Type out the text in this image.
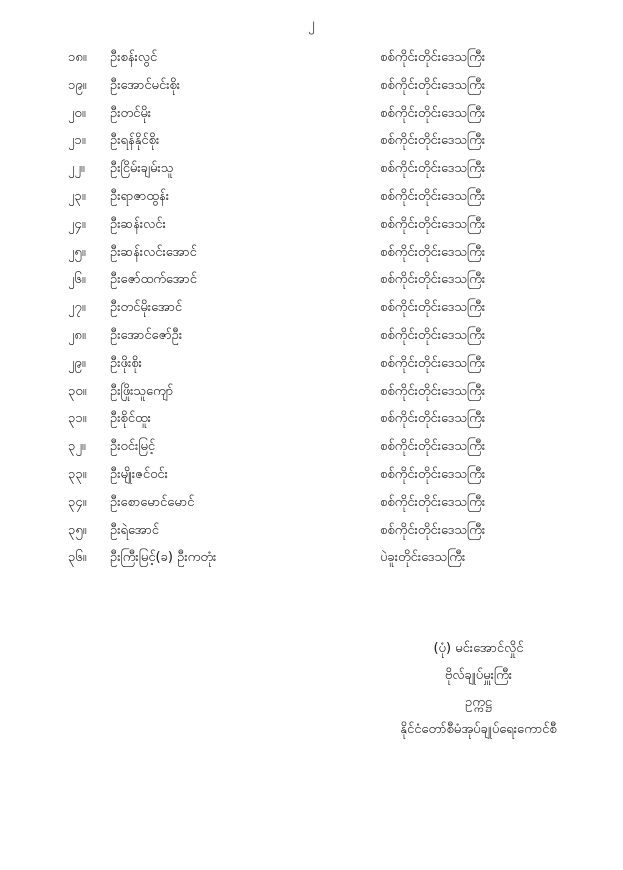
၂
၁၈။ ဦးစန်းလွင်	စစ်ကိုင်းတိုင်းဒေသကြီး
၁၉။ ဦးအောင်မင်းစိုး	စစ်ကိုင်းတိုင်းဒေသကြီး
၂၀။ ဦးတင်မိုး	စစ်ကိုင်းတိုင်းဒေသကြီး
၂၁။ ဦးရန်နိုင်စိုး	စစ်ကိုင်းတိုင်းဒေသကြီး
၂၂။ ဦးငြိမ်းချမ်းသူ	စစ်ကိုင်းတိုင်းဒေသကြီး
၂၃။ ဦးရာဇာထွန်း	စစ်ကိုင်းတိုင်းဒေသကြီး
၂၄။ ဦးဆန်းလင်း	စစ်ကိုင်းတိုင်းဒေသကြီး
၂၅။ ဦးဆန်းလင်းအောင်	စစ်ကိုင်းတိုင်းဒေသကြီး
၂၆။ ဦးဇော်ထက်အောင်	စစ်ကိုင်းတိုင်းဒေသကြီး
၂၇။ ဦးတင်မိုးအောင်	စစ်ကိုင်းတိုင်းဒေသကြီး
၂၈။ ဦးအောင်ဇော်ဦး	စစ်ကိုင်းတိုင်းဒေသကြီး
၂၉။ ဦးဖိုးစိုး	စစ်ကိုင်းတိုင်းဒေသကြီး
၃၀။ ဦးဖြိုးသူကျော်	စစ်ကိုင်းတိုင်းဒေသကြီး
၃၁။ ဦးစိုင်ထူး	စစ်ကိုင်းတိုင်းဒေသကြီး
၃၂။ ဦးဝင်းမြင့်	စစ်ကိုင်းတိုင်းဒေသကြီး
၃၃။ ဦးမျိုးဇင်ဝင်း	စစ်ကိုင်းတိုင်းဒေသကြီး
၃၄။ ဦးစောမောင်မောင်	စစ်ကိုင်းတိုင်းဒေသကြီး
၃၅။ ဦးရဲအောင်	စစ်ကိုင်းတိုင်းဒေသကြီး
၃၆။ ဦးကြီးမြင့်(ခ) ဦးကတုံး	ပဲခူးတိုင်းဒေသကြီး
(ပုံ) မင်းအောင်လှိုင်
ဗိုလ်ချုပ်မှူးကြီး
ဥက္ကဋ္ဌ
နိုင်ငံတော်စီမံအုပ်ချုပ်ရေးကောင်စီ
